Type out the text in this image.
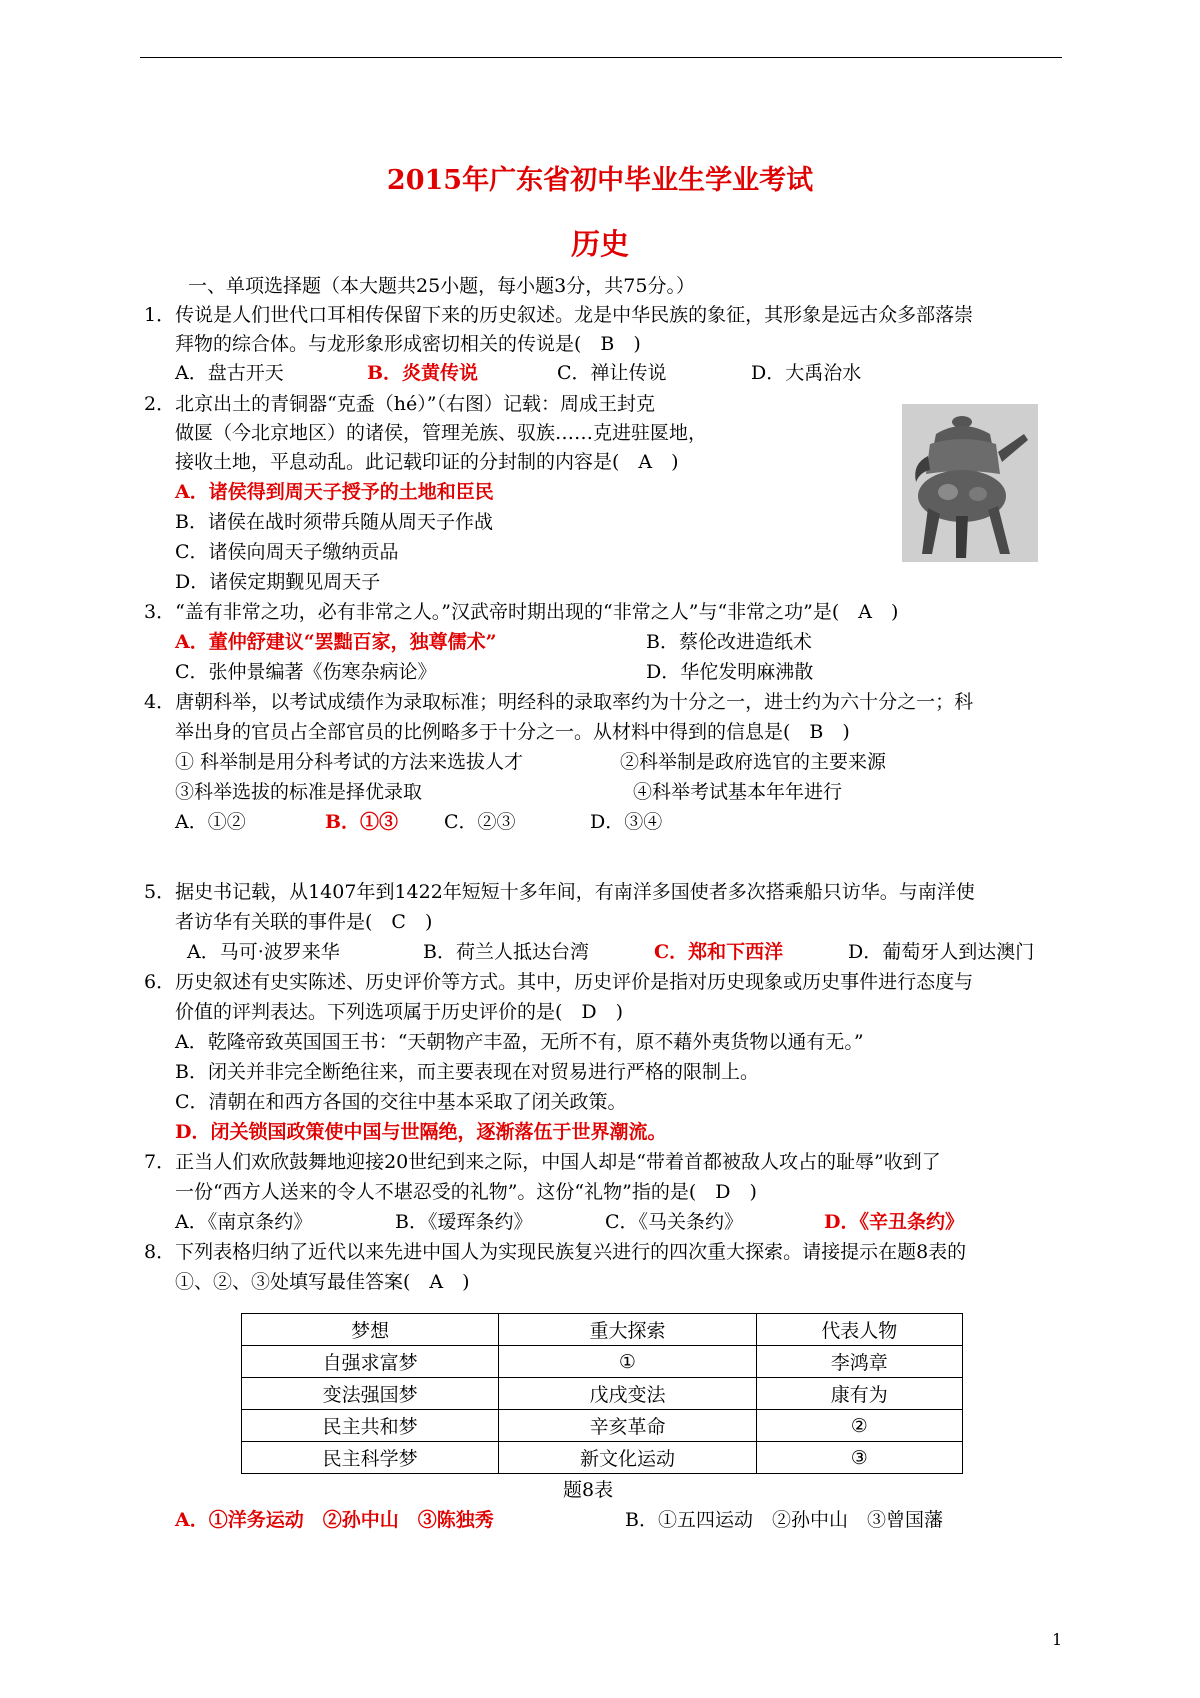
2015年广东省初中毕业生学业考试
历史
一、单项选择题（本大题共25小题，每小题3分，共75分。）
1．传说是人们世代口耳相传保留下来的历史叙述。龙是中华民族的象征，其形象是远古众多部落崇
拜物的综合体。与龙形象形成密切相关的传说是(　B　)
A．盘古开天	B．炎黄传说	C．禅让传说	D．大禹治水
2．北京出土的青铜器“克盉（hé）”（右图）记载：周成王封克
做匽（今北京地区）的诸侯，管理羌族、驭族……克进驻匽地，
接收土地，平息动乱。此记载印证的分封制的内容是(　A　)
A．诸侯得到周天子授予的土地和臣民
B．诸侯在战时须带兵随从周天子作战
C．诸侯向周天子缴纳贡品
D．诸侯定期觐见周天子
3．“盖有非常之功，必有非常之人。”汉武帝时期出现的“非常之人”与“非常之功”是(　A　)
A．董仲舒建议“罢黜百家，独尊儒术”	B．蔡伦改进造纸术
C．张仲景编著《伤寒杂病论》	D．华佗发明麻沸散
4．唐朝科举，以考试成绩作为录取标准；明经科的录取率约为十分之一，进士约为六十分之一；科
举出身的官员占全部官员的比例略多于十分之一。从材料中得到的信息是(　B　)
① 科举制是用分科考试的方法来选拔人才	②科举制是政府选官的主要来源
③科举选拔的标准是择优录取	④科举考试基本年年进行
A．①②	B．①③ C．②③	D．③④
5．据史书记载，从1407年到1422年短短十多年间，有南洋多国使者多次搭乘船只访华。与南洋使
者访华有关联的事件是(　C　)
A．马可·波罗来华	B．荷兰人抵达台湾	C．郑和下西洋	D．葡萄牙人到达澳门
6．历史叙述有史实陈述、历史评价等方式。其中，历史评价是指对历史现象或历史事件进行态度与
价值的评判表达。下列选项属于历史评价的是(　D　)
A．乾隆帝致英国国王书：“天朝物产丰盈，无所不有，原不藉外夷货物以通有无。”
B．闭关并非完全断绝往来，而主要表现在对贸易进行严格的限制上。
C．清朝在和西方各国的交往中基本采取了闭关政策。
D．闭关锁国政策使中国与世隔绝，逐渐落伍于世界潮流。
7．正当人们欢欣鼓舞地迎接20世纪到来之际，中国人却是“带着首都被敌人攻占的耻辱”收到了
一份“西方人送来的令人不堪忍受的礼物”。这份“礼物”指的是(　D　)
A．《南京条约》	B．《瑷珲条约》	C．《马关条约》	D．《辛丑条约》
8．下列表格归纳了近代以来先进中国人为实现民族复兴进行的四次重大探索。请接提示在题8表的
①、②、③处填写最佳答案(　A　)
梦想	重大探索	代表人物
自强求富梦	①	李鸿章
变法强国梦	戊戌变法	康有为
民主共和梦	辛亥革命	②
民主科学梦	新文化运动	③
题8表
A．①洋务运动　②孙中山　③陈独秀	B．①五四运动　②孙中山　③曾国藩
1
